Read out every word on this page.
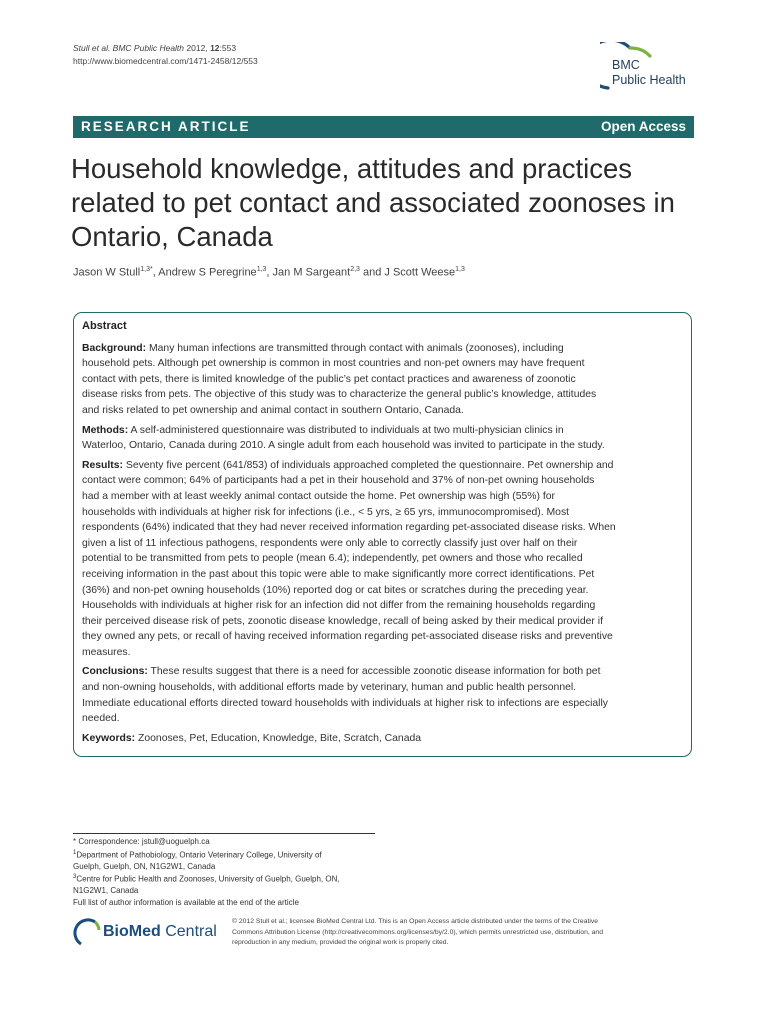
Stull et al. BMC Public Health 2012, 12:553
http://www.biomedcentral.com/1471-2458/12/553	BMC
Public Health
RESEARCH ARTICLE	Open Access
Household knowledge, attitudes and practices
related to pet contact and associated zoonoses in
Ontario, Canada
Jason W Stull$^{1,3*}$, Andrew S Peregrine$^{1,3}$, Jan M Sargeant$^{2,3}$ and J Scott Weese$^{1,3}$
Abstract
Background: Many human infections are transmitted through contact with animals (zoonoses), including
household pets. Although pet ownership is common in most countries and non-pet owners may have frequent
contact with pets, there is limited knowledge of the public’s pet contact practices and awareness of zoonotic
disease risks from pets. The objective of this study was to characterize the general public’s knowledge, attitudes
and risks related to pet ownership and animal contact in southern Ontario, Canada.
Methods: A self-administered questionnaire was distributed to individuals at two multi-physician clinics in
Waterloo, Ontario, Canada during 2010. A single adult from each household was invited to participate in the study.
Results: Seventy five percent (641/853) of individuals approached completed the questionnaire. Pet ownership and
contact were common; 64% of participants had a pet in their household and 37% of non-pet owning households
had a member with at least weekly animal contact outside the home. Pet ownership was high (55%) for
households with individuals at higher risk for infections (i.e., < 5 yrs, ≥ 65 yrs, immunocompromised). Most
respondents (64%) indicated that they had never received information regarding pet-associated disease risks. When
given a list of 11 infectious pathogens, respondents were only able to correctly classify just over half on their
potential to be transmitted from pets to people (mean 6.4); independently, pet owners and those who recalled
receiving information in the past about this topic were able to make significantly more correct identifications. Pet
(36%) and non-pet owning households (10%) reported dog or cat bites or scratches during the preceding year.
Households with individuals at higher risk for an infection did not differ from the remaining households regarding
their perceived disease risk of pets, zoonotic disease knowledge, recall of being asked by their medical provider if
they owned any pets, or recall of having received information regarding pet-associated disease risks and preventive
measures.
Conclusions: These results suggest that there is a need for accessible zoonotic disease information for both pet
and non-owning households, with additional efforts made by veterinary, human and public health personnel.
Immediate educational efforts directed toward households with individuals at higher risk to infections are especially
needed.
Keywords: Zoonoses, Pet, Education, Knowledge, Bite, Scratch, Canada
* Correspondence: jstull@uoguelph.ca
$^1$Department of Pathobiology, Ontario Veterinary College, University of
Guelph, Guelph, ON, N1G2W1, Canada
$^3$Centre for Public Health and Zoonoses, University of Guelph, Guelph, ON,
N1G2W1, Canada
Full list of author information is available at the end of the article
BioMed Central
© 2012 Stull et al.; licensee BioMed Central Ltd. This is an Open Access article distributed under the terms of the Creative
Commons Attribution License (http://creativecommons.org/licenses/by/2.0), which permits unrestricted use, distribution, and
reproduction in any medium, provided the original work is properly cited.
